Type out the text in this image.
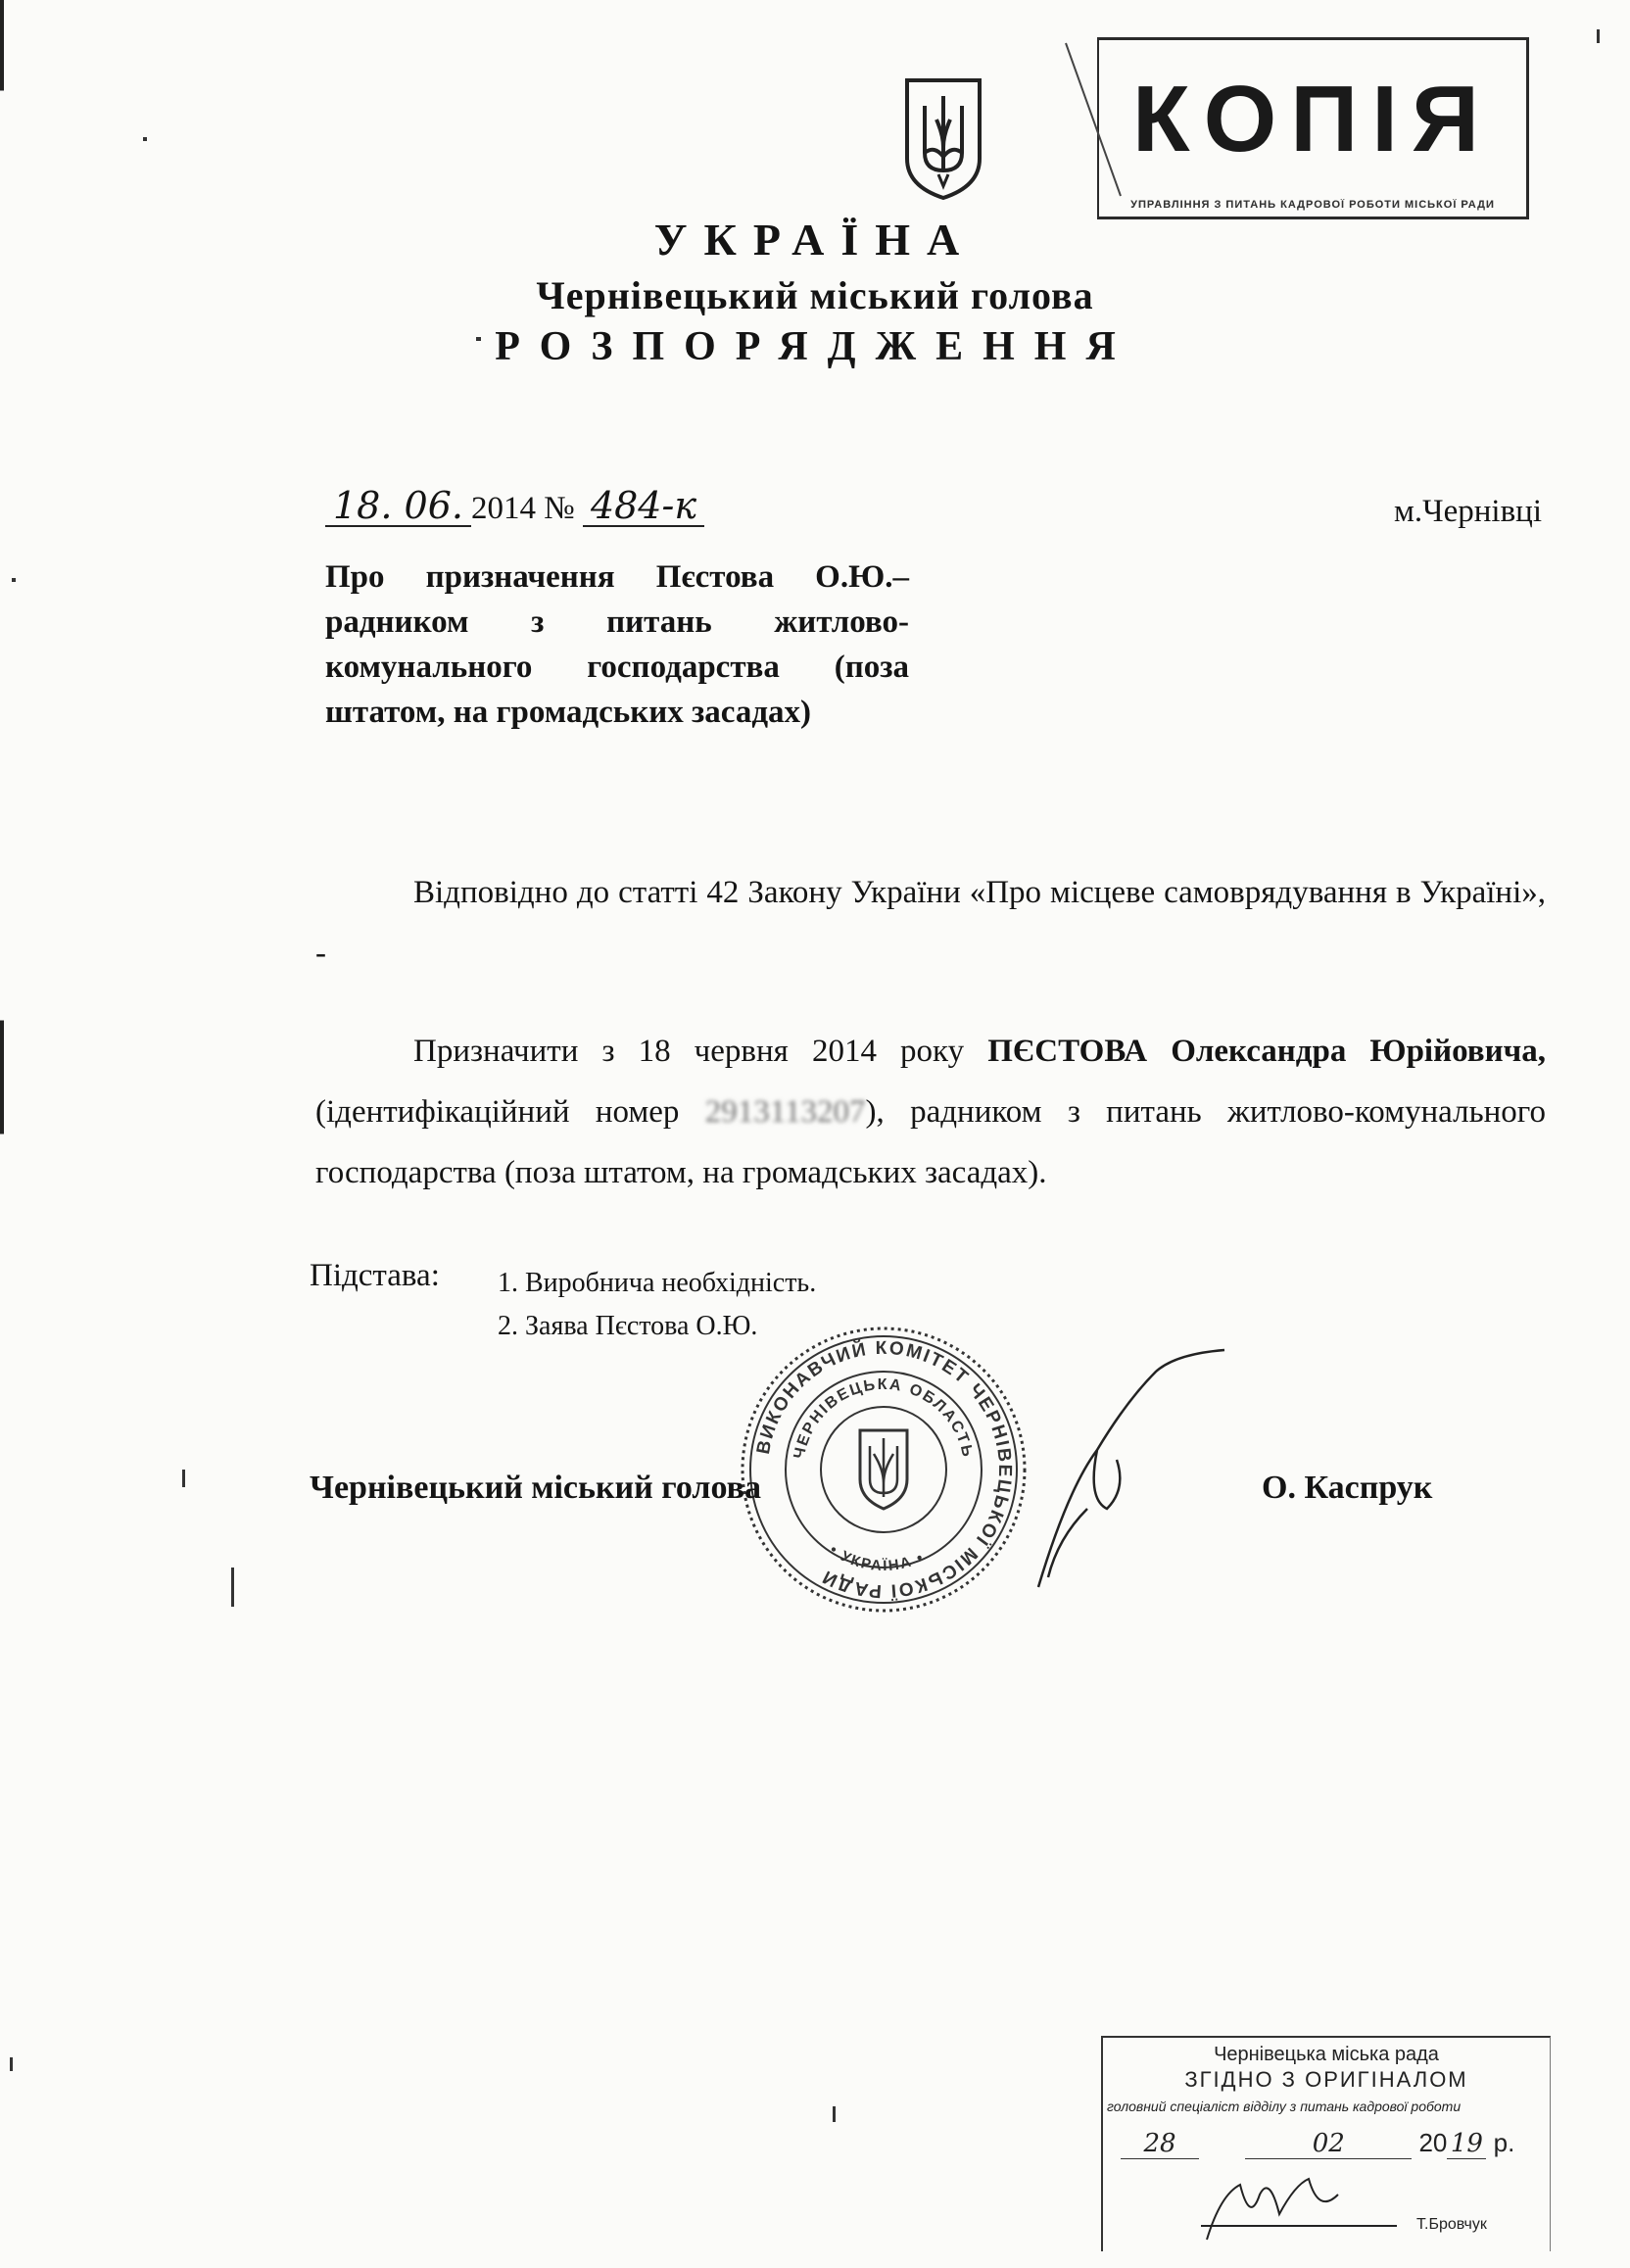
УКРАЇНА
Чернівецький міський голова
РОЗПОРЯДЖЕННЯ
КОПІЯ
УПРАВЛІННЯ З ПИТАНЬ КАДРОВОЇ РОБОТИ МІСЬКОЇ РАДИ
18. 06. 2014 № 484-к	м.Чернівці
Про призначення Пєстова О.Ю.– радником з питань житлово-комунального господарства (поза штатом, на громадських засадах)
Відповідно до статті 42 Закону України «Про місцеве самоврядування в Україні», -
Призначити з 18 червня 2014 року ПЄСТОВА Олександра Юрійовича, (ідентифікаційний номер 2913113207), радником з питань житлово-комунального господарства (поза штатом, на громадських засадах).
Підстава: 1. Виробнича необхідність.
2. Заява Пєстова О.Ю.
ВИКОНАВЧИЙ КОМІТЕТ ЧЕРНІВЕЦЬКОЇ МІСЬКОЇ РАДИ
ЧЕРНІВЕЦЬКА ОБЛАСТЬ
• УКРАЇНА •
Чернівецький міський голова	О. Каспрук
Чернівецька міська рада
ЗГІДНО З ОРИГІНАЛОМ
головний спеціаліст відділу з питань кадрової роботи
28	02	20 19 р.
Т.Бровчук
